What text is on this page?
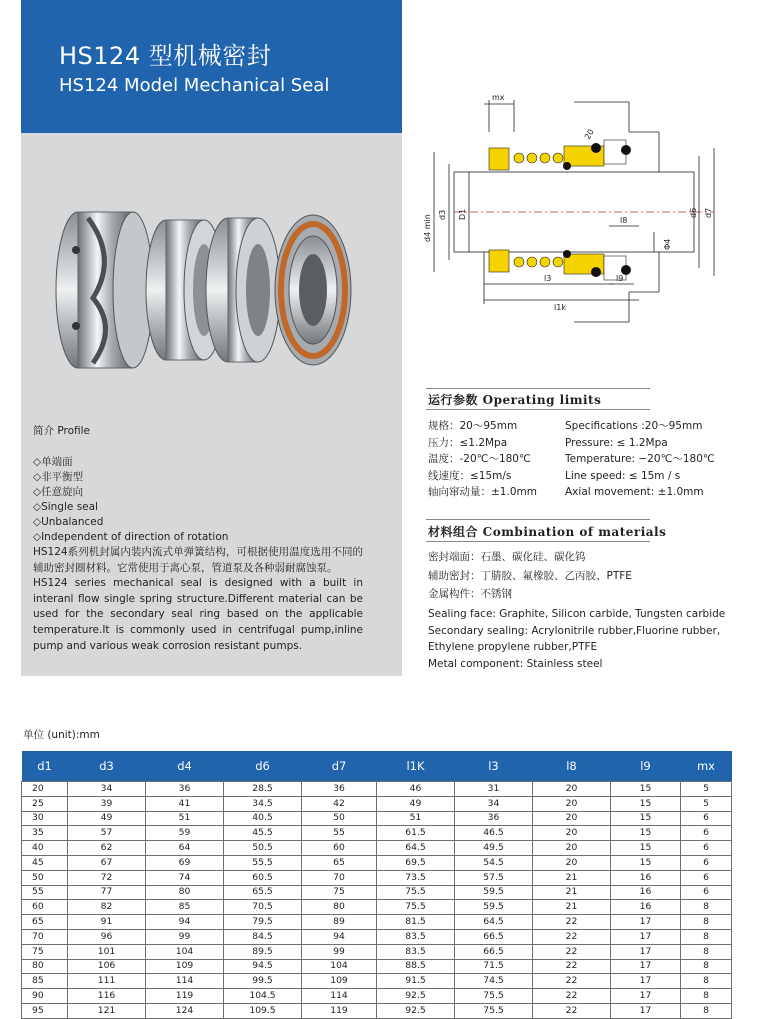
HS124 型机械密封
HS124 Model Mechanical Seal
简介 Profile
◇单端面
◇非平衡型
◇任意旋向
◇Single seal
◇Unbalanced
◇Independent of direction of rotation

HS124系列机封属内装内流式单弹簧结构，可根据使用温度选用不同的辅助密封圈材料。它常使用于离心泵，管道泵及各种弱耐腐蚀泵。

HS124 series mechanical seal is designed with a built in interanl flow single spring structure.Different material can be used for the secondary seal ring based on the applicable temperature.It is commonly used in centrifugal pump,inline pump and various weak corrosion resistant pumps.

mx
20
d4 min d3 D1	d6 d7
l8
Φ4
l3	l9
l1k
运行参数 Operating limits
规格：20～95mm	Specifications :20～95mm
压力：≤1.2Mpa	Pressure: ≤ 1.2Mpa
温度：-20℃～180℃	Temperature: −20℃～180℃
线速度：≤15m/s	Line speed: ≤ 15m / s
轴向窜动量：±1.0mm	Axial movement: ±1.0mm
材料组合 Combination of materials
密封端面：石墨、碳化硅、碳化钨
辅助密封：丁腈胶、氟橡胶、乙丙胶、PTFE
金属构件：不锈钢
Sealing face: Graphite, Silicon carbide, Tungsten carbide
Secondary sealing: Acrylonitrile rubber,Fluorine rubber,
Ethylene propylene rubber,PTFE
Metal component: Stainless steel
单位 (unit):mm
d1	d3	d4	d6	d7	l1K	l3	l8	l9	mx
20	34	36	28.5	36	46	31	20	15	5
25	39	41	34.5	42	49	34	20	15	5
30	49	51	40.5	50	51	36	20	15	6
35	57	59	45.5	55	61.5	46.5	20	15	6
40	62	64	50.5	60	64.5	49.5	20	15	6
45	67	69	55.5	65	69.5	54.5	20	15	6
50	72	74	60.5	70	73.5	57.5	21	16	6
55	77	80	65.5	75	75.5	59.5	21	16	6
60	82	85	70.5	80	75.5	59.5	21	16	8
65	91	94	79.5	89	81.5	64.5	22	17	8
70	96	99	84.5	94	83.5	66.5	22	17	8
75	101	104	89.5	99	83.5	66.5	22	17	8
80	106	109	94.5	104	88.5	71.5	22	17	8
85	111	114	99.5	109	91.5	74.5	22	17	8
90	116	119	104.5	114	92.5	75.5	22	17	8
95	121	124	109.5	119	92.5	75.5	22	17	8
